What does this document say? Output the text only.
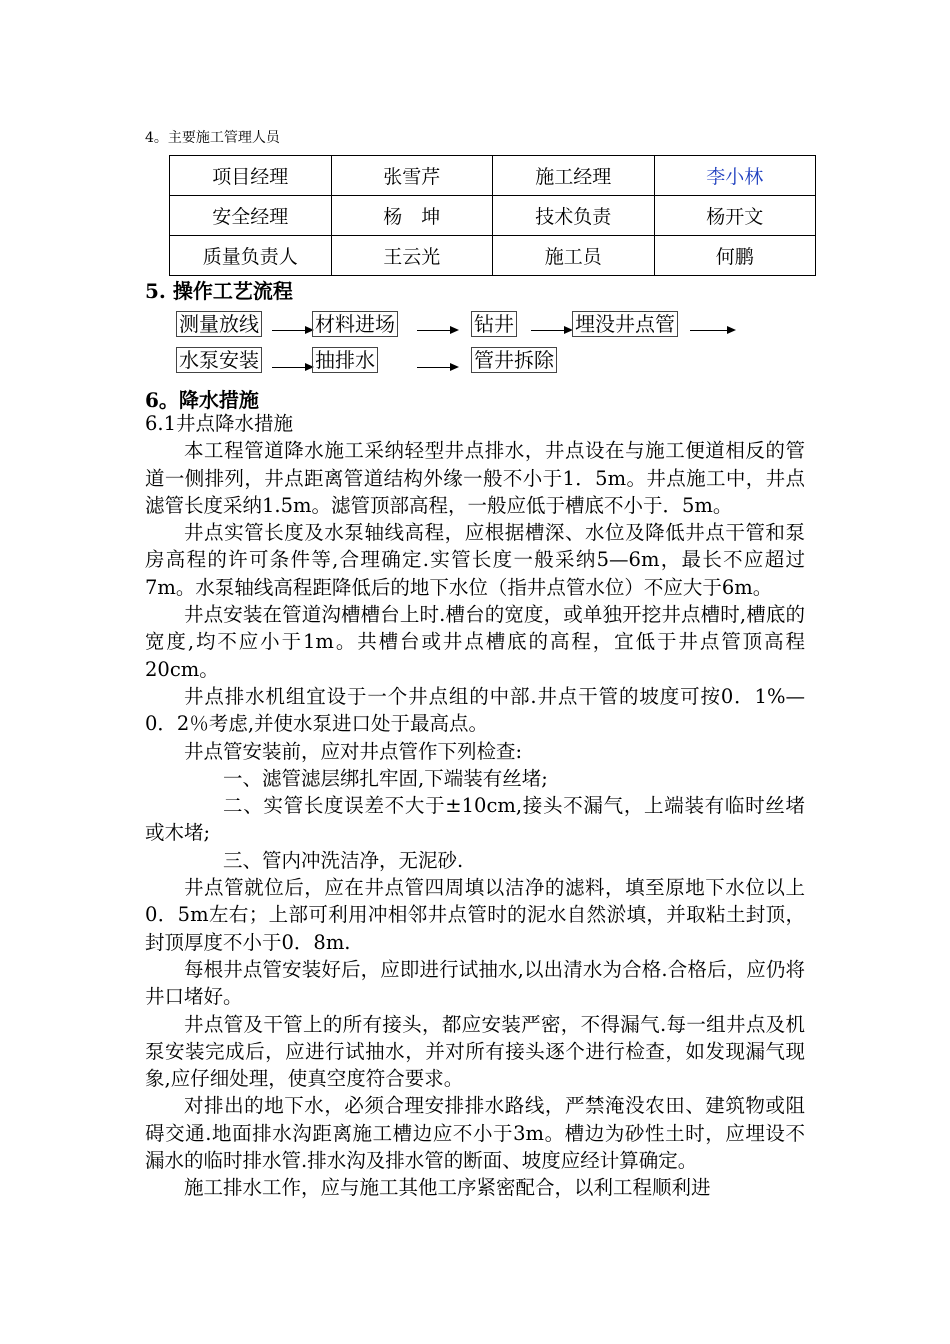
4。主要施工管理人员
项目经理	张雪芹	施工经理	李小林
安全经理	杨　坤	技术负责	杨开文
质量负责人	王云光	施工员	何鹏
5. 操作工艺流程
测量放线	材料进场	钻井	埋没井点管
水泵安装	抽排水	管井拆除
6。降水措施

6.1井点降水措施

本工程管道降水施工采纳轻型井点排水，井点设在与施工便道相反的管道一侧排列，井点距离管道结构外缘一般不小于1．5m。井点施工中，井点滤管长度采纳1.5m。滤管顶部高程，一般应低于槽底不小于．5m。

井点实管长度及水泵轴线高程，应根据槽深、水位及降低井点干管和泵房高程的许可条件等,合理确定.实管长度一般采纳5—6m，最长不应超过7m。水泵轴线高程距降低后的地下水位（指井点管水位）不应大于6m。

井点安装在管道沟槽槽台上时.槽台的宽度，或单独开挖井点槽时,槽底的宽度,均不应小于1m。共槽台或井点槽底的高程，宜低于井点管顶高程20cm。

井点排水机组宜设于一个井点组的中部.井点干管的坡度可按0．1%—0．2％考虑,并使水泵进口处于最高点。

井点管安装前，应对井点管作下列检查:

一、滤管滤层绑扎牢固,下端装有丝堵;

二、实管长度误差不大于±10cm,接头不漏气，上端装有临时丝堵或木堵;

三、管内冲洗洁净，无泥砂.

井点管就位后，应在井点管四周填以洁净的滤料，填至原地下水位以上0．5m左右；上部可利用冲相邻井点管时的泥水自然淤填，并取粘土封顶，封顶厚度不小于0．8m.

每根井点管安装好后，应即进行试抽水,以出清水为合格.合格后，应仍将井口堵好。

井点管及干管上的所有接头，都应安装严密，不得漏气.每一组井点及机泵安装完成后，应进行试抽水，并对所有接头逐个进行检查，如发现漏气现象,应仔细处理，使真空度符合要求。

对排出的地下水，必须合理安排排水路线，严禁淹没农田、建筑物或阻碍交通.地面排水沟距离施工槽边应不小于3m。槽边为砂性土时，应埋设不漏水的临时排水管.排水沟及排水管的断面、坡度应经计算确定。

施工排水工作，应与施工其他工序紧密配合，以利工程顺利进
